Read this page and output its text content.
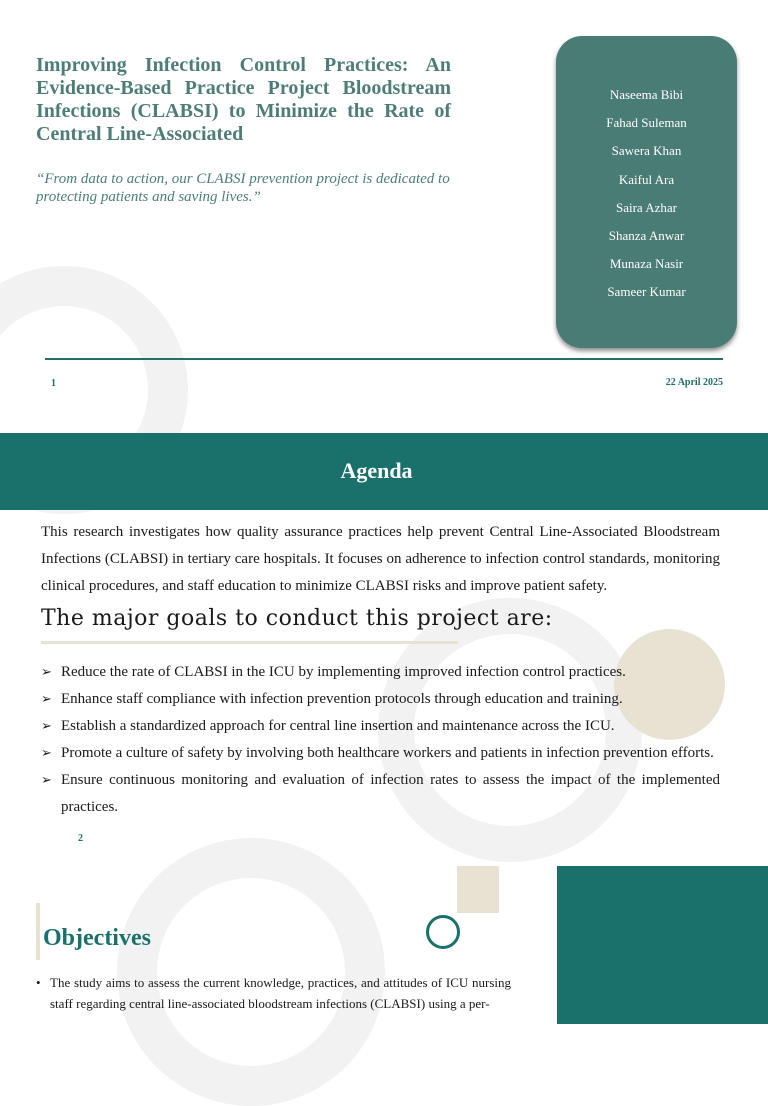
Improving Infection Control Practices: An Evidence-Based Practice Project Bloodstream Infections (CLABSI) to Minimize the Rate of Central Line-Associated
“From data to action, our CLABSI prevention project is dedicated to protecting patients and saving lives.”
Naseema Bibi
Fahad Suleman
Sawera Khan
Kaiful Ara
Saira Azhar
Shanza Anwar
Munaza Nasir
Sameer Kumar
1	22 April 2025
Agenda
This research investigates how quality assurance practices help prevent Central Line-Associated Bloodstream Infections (CLABSI) in tertiary care hospitals. It focuses on adherence to infection control standards, monitoring clinical procedures, and staff education to minimize CLABSI risks and improve patient safety.
The major goals to conduct this project are:
➢ Reduce the rate of CLABSI in the ICU by implementing improved infection control practices.
➢ Enhance staff compliance with infection prevention protocols through education and training.
➢ Establish a standardized approach for central line insertion and maintenance across the ICU.
➢ Promote a culture of safety by involving both healthcare workers and patients in infection prevention efforts.
➢ Ensure continuous monitoring and evaluation of infection rates to assess the impact of the implemented practices.
2
Objectives
• The study aims to assess the current knowledge, practices, and attitudes of ICU nursing staff regarding central line-associated bloodstream infections (CLABSI) using a per-
